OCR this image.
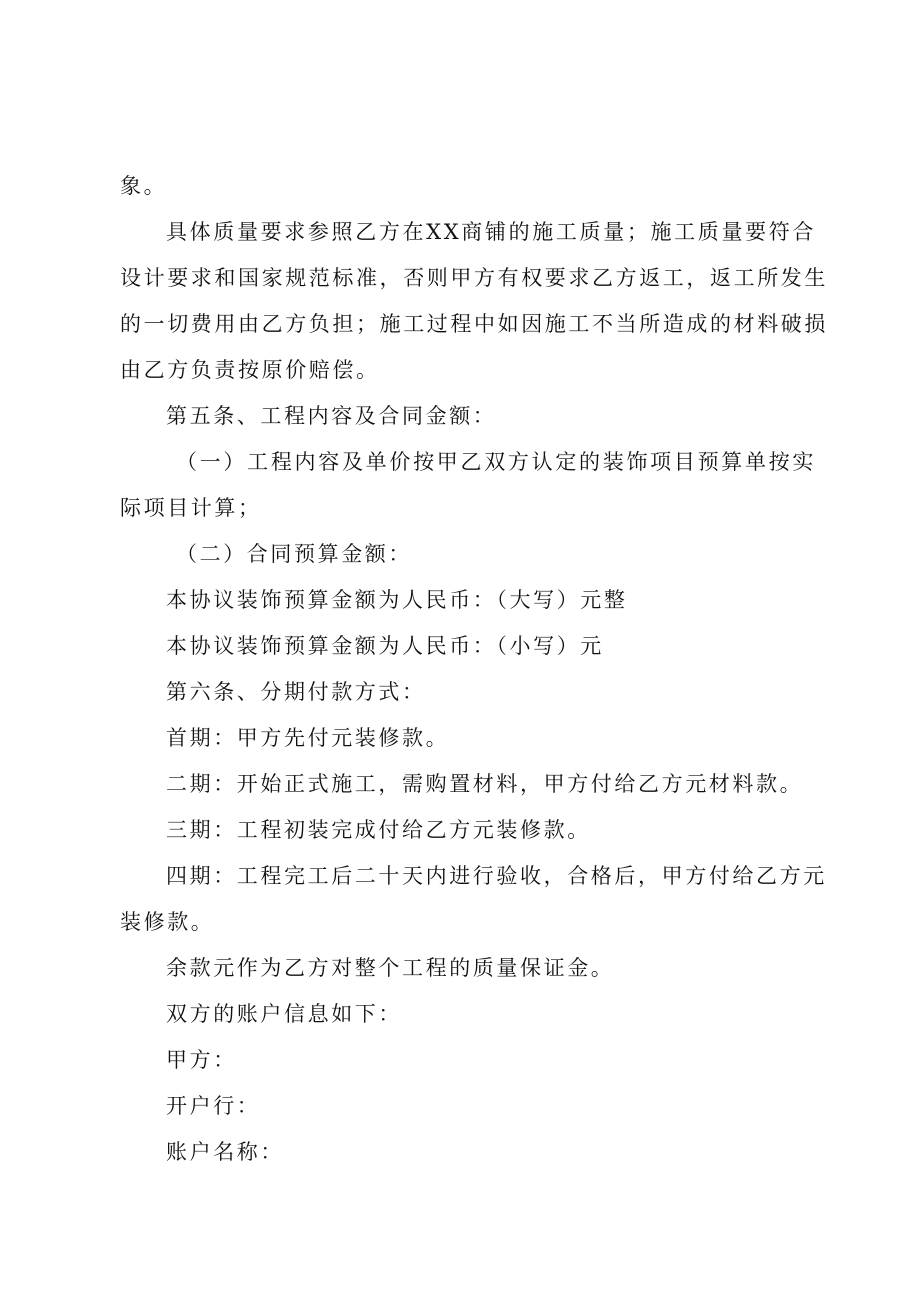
象。
具体质量要求参照乙方在XX商铺的施工质量；施工质量要符合
设计要求和国家规范标准，否则甲方有权要求乙方返工，返工所发生
的一切费用由乙方负担；施工过程中如因施工不当所造成的材料破损
由乙方负责按原价赔偿。
第五条、工程内容及合同金额：
（一）工程内容及单价按甲乙双方认定的装饰项目预算单按实
际项目计算；
（二）合同预算金额：
本协议装饰预算金额为人民币：（大写）元整
本协议装饰预算金额为人民币：（小写）元
第六条、分期付款方式：
首期：甲方先付元装修款。
二期：开始正式施工，需购置材料，甲方付给乙方元材料款。
三期：工程初装完成付给乙方元装修款。
四期：工程完工后二十天内进行验收，合格后，甲方付给乙方元
装修款。
余款元作为乙方对整个工程的质量保证金。
双方的账户信息如下：
甲方：
开户行：
账户名称：
